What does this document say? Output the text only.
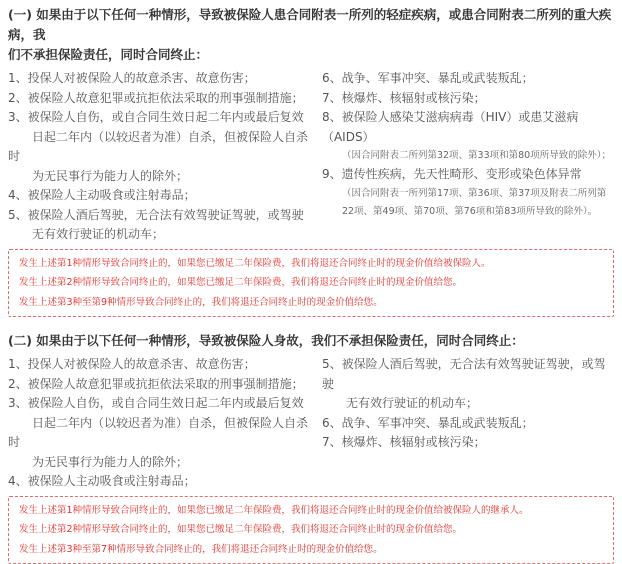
(一) 如果由于以下任何一种情形，导致被保险人患合同附表一所列的轻症疾病，或患合同附表二所列的重大疾病，我
们不承担保险责任，同时合同终止：

1、投保人对被保险人的故意杀害、故意伤害；
2、被保险人故意犯罪或抗拒依法采取的刑事强制措施；
3、被保险人自伤，或自合同生效日起二年内或最后复效
日起二年内（以较迟者为准）自杀，但被保险人自杀时
为无民事行为能力人的除外；
4、被保险人主动吸食或注射毒品；
5、被保险人酒后驾驶，无合法有效驾驶证驾驶，或驾驶
无有效行驶证的机动车；
6、战争、军事冲突、暴乱或武装叛乱；
7、核爆炸、核辐射或核污染；
8、被保险人感染艾滋病病毒（HIV）或患艾滋病（AIDS）
（因合同附表二所列第32项、第33项和第80项所导致的除外）；
9、遗传性疾病，先天性畸形、变形或染色体异常
（因合同附表一所列第17项、第36项、第37项及附表二所列第
22项、第49项、第70项、第76项和第83项所导致的除外）。
发生上述第1种情形导致合同终止的，如果您已缴足二年保险费，我们将退还合同终止时的现金价值给被保险人。
发生上述第2种情形导致合同终止的，如果您已缴足二年保险费，我们将退还合同终止时的现金价值给您。
发生上述第3种至第9种情形导致合同终止的，我们将退还合同终止时的现金价值给您。

(二) 如果由于以下任何一种情形，导致被保险人身故，我们不承担保险责任，同时合同终止：

1、投保人对被保险人的故意杀害、故意伤害；
2、被保险人故意犯罪或抗拒依法采取的刑事强制措施；
3、被保险人自伤，或自合同生效日起二年内或最后复效
日起二年内（以较迟者为准）自杀，但被保险人自杀时
为无民事行为能力人的除外；
4、被保险人主动吸食或注射毒品；
5、被保险人酒后驾驶，无合法有效驾驶证驾驶，或驾驶
无有效行驶证的机动车；
6、战争、军事冲突、暴乱或武装叛乱；
7、核爆炸、核辐射或核污染；
发生上述第1种情形导致合同终止的，如果您已缴足二年保险费，我们将退还合同终止时的现金价值给被保险人的继承人。
发生上述第2种情形导致合同终止的，如果您已缴足二年保险费，我们将退还合同终止时的现金价值给您。
发生上述第3种至第7种情形导致合同终止的，我们将退还合同终止时的现金价值给您。
